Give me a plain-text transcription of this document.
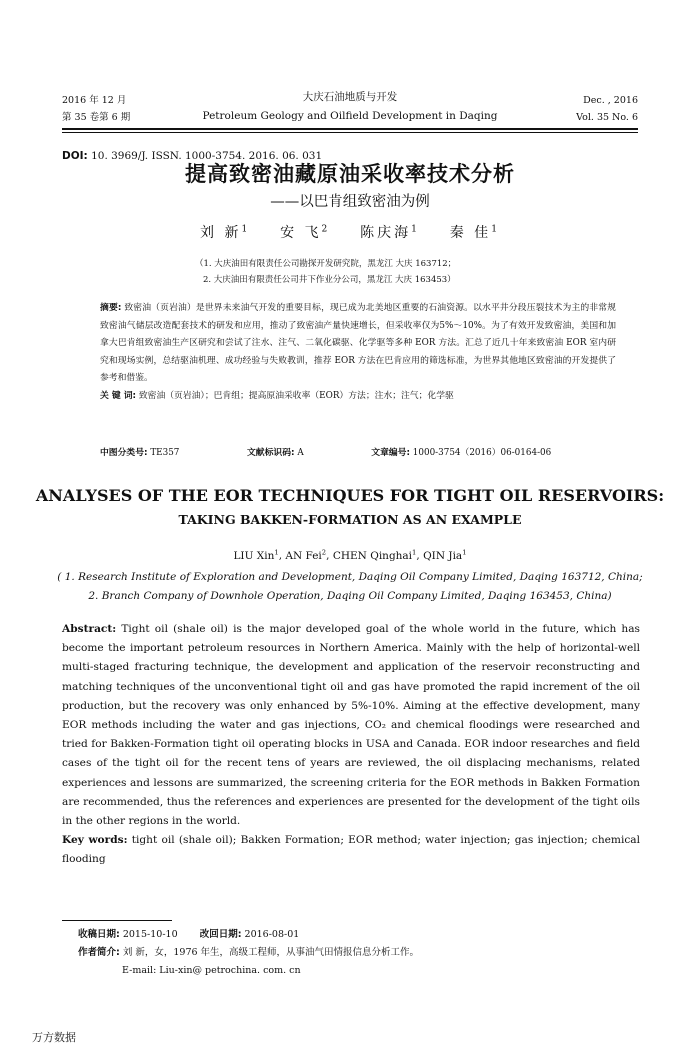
2016 年 12 月
第 35 卷第 6 期
大庆石油地质与开发
Petroleum Geology and Oilfield Development in Daqing
Dec. , 2016
Vol. 35 No. 6
DOI: 10. 3969/J. ISSN. 1000-3754. 2016. 06. 031
提高致密油藏原油采收率技术分析
——以巴肯组致密油为例
刘 新$^1$ 安 飞$^2$ 陈庆海$^1$ 秦 佳$^1$
（1. 大庆油田有限责任公司勘探开发研究院，黑龙江 大庆 163712；
2. 大庆油田有限责任公司井下作业分公司，黑龙江 大庆 163453）

摘要: 致密油（页岩油）是世界未来油气开发的重要目标，现已成为北美地区重要的石油资源。以水平井分段压裂技术为主的非常规致密油气储层改造配套技术的研发和应用，推动了致密油产量快速增长，但采收率仅为5%～10%。为了有效开发致密油，美国和加拿大巴肯组致密油生产区研究和尝试了注水、注气、二氧化碳驱、化学驱等多种 EOR 方法。汇总了近几十年来致密油 EOR 室内研究和现场实例，总结驱油机理、成功经验与失败教训，推荐 EOR 方法在巴肯应用的筛选标准，为世界其他地区致密油的开发提供了参考和借鉴。

关 键 词: 致密油（页岩油）；巴肯组；提高原油采收率（EOR）方法；注水；注气；化学驱

中图分类号: TE357	文献标识码: A	文章编号: 1000-3754（2016）06-0164-06
ANALYSES OF THE EOR TECHNIQUES FOR TIGHT OIL RESERVOIRS:
TAKING BAKKEN-FORMATION AS AN EXAMPLE
LIU Xin$^1$, AN Fei$^2$, CHEN Qinghai$^1$, QIN Jia$^1$
( 1. Research Institute of Exploration and Development, Daqing Oil Company Limited, Daqing 163712, China;
2. Branch Company of Downhole Operation, Daqing Oil Company Limited, Daqing 163453, China)

Abstract: Tight oil (shale oil) is the major developed goal of the whole world in the future, which has become the important petroleum resources in Northern America. Mainly with the help of horizontal-well multi-staged fracturing technique, the development and application of the reservoir reconstructing and matching techniques of the unconventional tight oil and gas have promoted the rapid increment of the oil production, but the recovery was only enhanced by 5%-10%. Aiming at the effective development, many EOR methods including the water and gas injections, CO₂ and chemical floodings were researched and tried for Bakken-Formation tight oil operating blocks in USA and Canada. EOR indoor researches and field cases of the tight oil for the recent tens of years are reviewed, the oil displacing mechanisms, related experiences and lessons are summarized, the screening criteria for the EOR methods in Bakken Formation are recommended, thus the references and experiences are presented for the development of the tight oils in the other regions in the world.

Key words: tight oil (shale oil); Bakken Formation; EOR method; water injection; gas injection; chemical flooding

收稿日期: 2015-10-10 改回日期: 2016-08-01
作者简介: 刘 新，女，1976 年生，高级工程师，从事油气田情报信息分析工作。
E-mail: Liu-xin@ petrochina. com. cn
万方数据
